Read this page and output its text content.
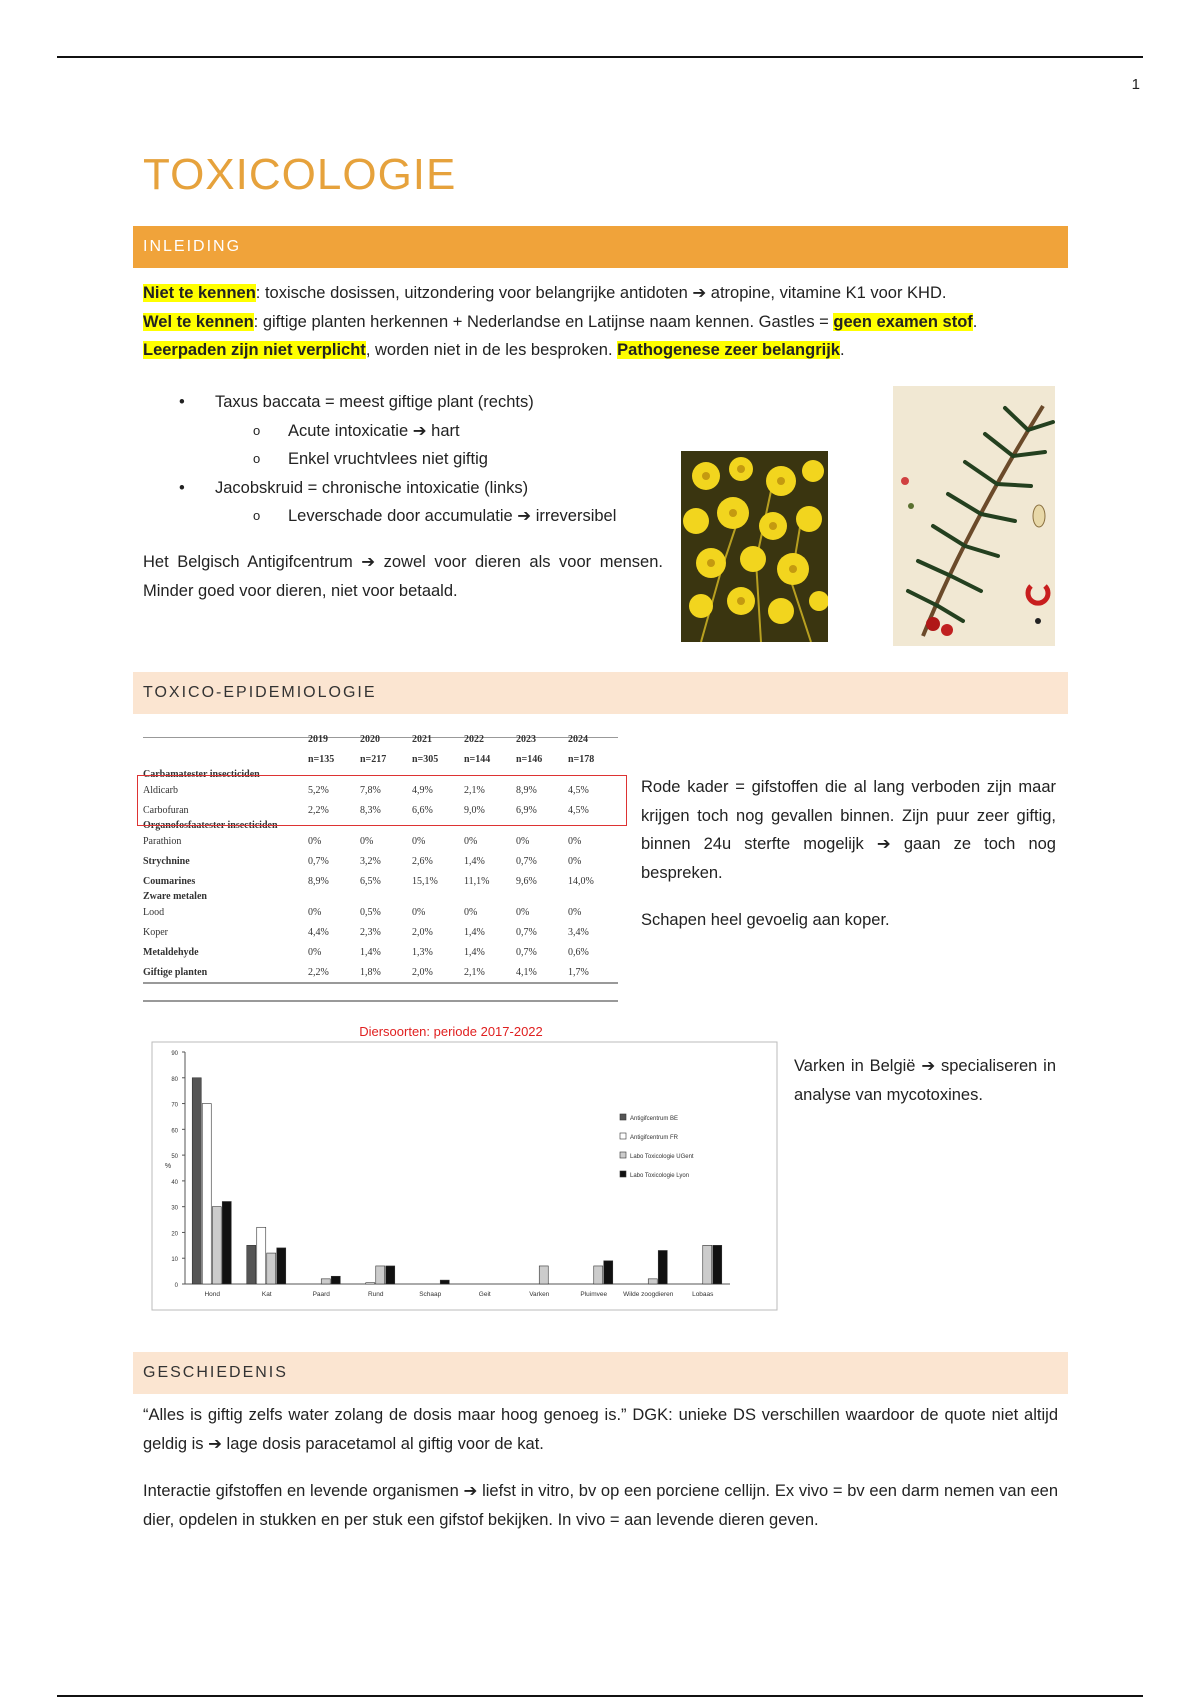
1
TOXICOLOGIE
INLEIDING
Niet te kennen: toxische dosissen, uitzondering voor belangrijke antidoten ➔ atropine, vitamine K1 voor KHD.
Wel te kennen: giftige planten herkennen + Nederlandse en Latijnse naam kennen. Gastles = geen examen stof.
Leerpaden zijn niet verplicht, worden niet in de les besproken. Pathogenese zeer belangrijk.
• Taxus baccata = meest giftige plant (rechts)
o Acute intoxicatie ➔ hart
o Enkel vruchtvlees niet giftig
• Jacobskruid = chronische intoxicatie (links)
o Leverschade door accumulatie ➔ irreversibel
Het Belgisch Antigifcentrum ➔ zowel voor dieren als voor mensen. Minder goed voor dieren, niet voor betaald.
TOXICO-EPIDEMIOLOGIE
	2019	2020	2021	2022	2023	2024
	n=135	n=217	n=305	n=144	n=146	n=178
Carbamatester insecticiden						
Aldicarb	5,2%	7,8%	4,9%	2,1%	8,9%	4,5%
Carbofuran	2,2%	8,3%	6,6%	9,0%	6,9%	4,5%
Organofosfaatester insecticiden						
Parathion	0%	0%	0%	0%	0%	0%
Strychnine	0,7%	3,2%	2,6%	1,4%	0,7%	0%
Coumarines	8,9%	6,5%	15,1%	11,1%	9,6%	14,0%
Zware metalen						
Lood	0%	0,5%	0%	0%	0%	0%
Koper	4,4%	2,3%	2,0%	1,4%	0,7%	3,4%
Metaldehyde	0%	1,4%	1,3%	1,4%	0,7%	0,6%
Giftige planten	2,2%	1,8%	2,0%	2,1%	4,1%	1,7%
Rode kader = gifstoffen die al lang verboden zijn maar krijgen toch nog gevallen binnen. Zijn puur zeer giftig, binnen 24u sterfte mogelijk ➔ gaan ze toch nog bespreken.
Schapen heel gevoelig aan koper.
Diersoorten: periode 2017-2022
0
10
20
30
40
50
60
70
80
90
%
Hond	Kat	Paard	Rund	Schaap	Geit	Varken	Pluimvee Wilde zoogdieren	Lobaas
Antigifcentrum BE
Antigifcentrum FR
Labo Toxicologie UGent
Labo Toxicologie Lyon
Varken in België ➔ specialiseren in analyse van mycotoxines.
GESCHIEDENIS
“Alles is giftig zelfs water zolang de dosis maar hoog genoeg is.” DGK: unieke DS verschillen waardoor de quote niet altijd geldig is ➔ lage dosis paracetamol al giftig voor de kat.
Interactie gifstoffen en levende organismen ➔ liefst in vitro, bv op een porciene cellijn. Ex vivo = bv een darm nemen van een dier, opdelen in stukken en per stuk een gifstof bekijken. In vivo = aan levende dieren geven.
